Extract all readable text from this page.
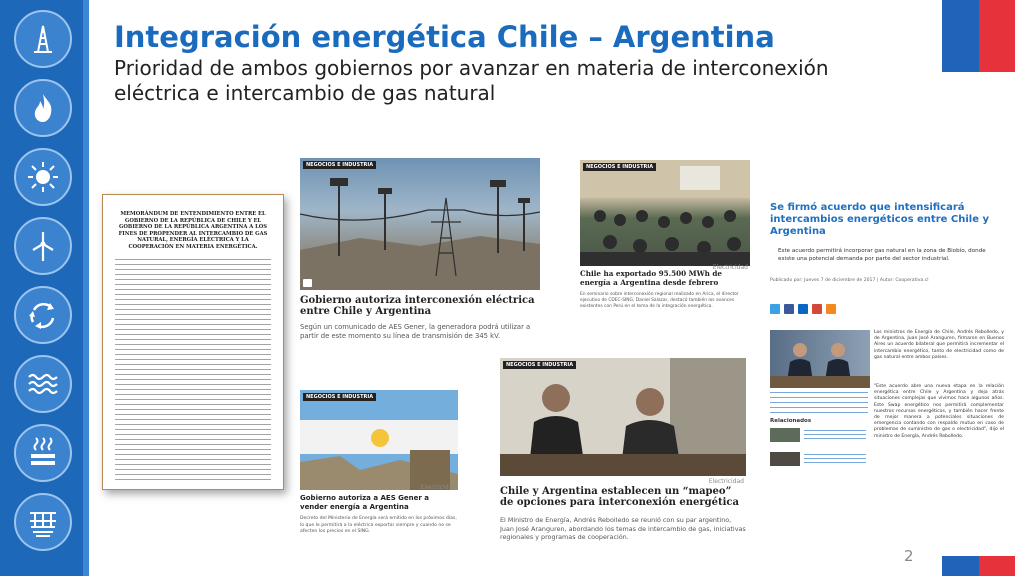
Integración energética Chile – Argentina
Prioridad de ambos gobiernos por avanzar en materia de interconexión eléctrica e intercambio de gas natural
MEMORÁNDUM DE ENTENDIMIENTO ENTRE EL GOBIERNO DE LA REPÚBLICA DE CHILE Y EL GOBIERNO DE LA REPÚBLICA ARGENTINA A LOS FINES DE PROPENDER AL INTERCAMBIO DE GAS NATURAL, ENERGÍA ELÉCTRICA Y LA COOPERACIÓN EN MATERIA ENERGÉTICA.
NEGOCIOS E INDUSTRIA
Gobierno autoriza interconexión eléctrica entre Chile y Argentina
Según un comunicado de AES Gener, la generadora podrá utilizar a partir de este momento su línea de transmisión de 345 kV.
NEGOCIOS E INDUSTRIA
Chile ha exportado 95.500 MWh de energía a Argentina desde febrero
Electricidad
En seminario sobre interconexión regional realizado en Arica, el director ejecutivo de CDEC-SING, Daniel Salazar, destacó también los avances existentes con Perú en el tema de la integración energética.
NEGOCIOS E INDUSTRIA
Electricidad
Gobierno autoriza a AES Gener a vender energía a Argentina
Decreto del Ministerio de Energía será emitido en los próximos días, lo que le permitirá a la eléctrica exportar siempre y cuando no se afecten los precios en el SING.
NEGOCIOS E INDUSTRIA
Electricidad
Chile y Argentina establecen un “mapeo” de opciones para interconexión energética
El Ministro de Energía, Andrés Rebolledo se reunió con su par argentino, Juan José Aranguren, abordando los temas de intercambio de gas, iniciativas regionales y programas de cooperación.
Se firmó acuerdo que intensificará intercambios energéticos entre Chile y Argentina
Este acuerdo permitirá incorporar gas natural en la zona de Biobío, donde existe una potencial demanda por parte del sector industrial.
Publicado por: Jueves 7 de diciembre de 2017 | Autor: Cooperativa.cl
Relacionados
Los ministros de Energía de Chile, Andrés Rebolledo, y de Argentina, Juan José Aranguren, firmaron en Buenos Aires un acuerdo bilateral que permitirá incrementar el intercambio energético, tanto de electricidad como de gas natural entre ambos países.
"Este acuerdo abre una nueva etapa en la relación energética entre Chile y Argentina y deja atrás situaciones complejas que vivimos hace algunos años. Este Swap energético nos permitirá complementar nuestros recursos energéticos, y también hacer frente de mejor manera a potenciales situaciones de emergencia contando con respaldo mutuo en caso de problemas de suministro de gas o electricidad", dijo el ministro de Energía, Andrés Rebolledo.
2
